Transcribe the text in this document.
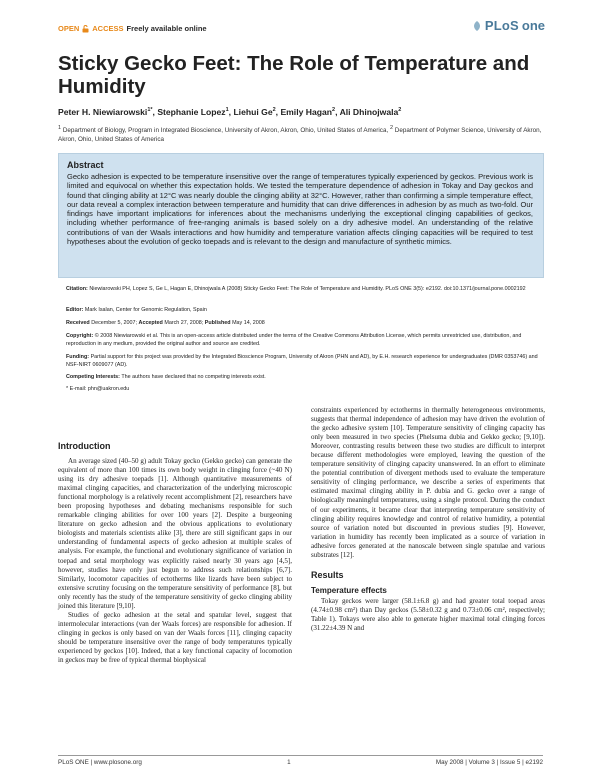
OPEN ACCESS Freely available online	PLoS one
Sticky Gecko Feet: The Role of Temperature and Humidity
Peter H. Niewiarowski$^{1*}$, Stephanie Lopez$^1$, Liehui Ge$^2$, Emily Hagan$^2$, Ali Dhinojwala$^2$
$^1$ Department of Biology, Program in Integrated Bioscience, University of Akron, Akron, Ohio, United States of America, $^2$ Department of Polymer Science, University of Akron, Akron, Ohio, United States of America
Abstract
Gecko adhesion is expected to be temperature insensitive over the range of temperatures typically experienced by geckos. Previous work is limited and equivocal on whether this expectation holds. We tested the temperature dependence of adhesion in Tokay and Day geckos and found that clinging ability at 12°C was nearly double the clinging ability at 32°C. However, rather than confirming a simple temperature effect, our data reveal a complex interaction between temperature and humidity that can drive differences in adhesion by as much as two-fold. Our findings have important implications for inferences about the mechanisms underlying the exceptional clinging capabilities of geckos, including whether performance of free-ranging animals is based solely on a dry adhesive model. An understanding of the relative contributions of van der Waals interactions and how humidity and temperature variation affects clinging capacities will be required to test hypotheses about the evolution of gecko toepads and is relevant to the design and manufacture of synthetic mimics.
Citation: Niewiarowski PH, Lopez S, Ge L, Hagan E, Dhinojwala A (2008) Sticky Gecko Feet: The Role of Temperature and Humidity. PLoS ONE 3(5): e2192. doi:10.1371/journal.pone.0002192
Editor: Mark Isalan, Center for Genomic Regulation, Spain
Received December 5, 2007; Accepted March 27, 2008; Published May 14, 2008
Copyright: © 2008 Niewiarowski et al. This is an open-access article distributed under the terms of the Creative Commons Attribution License, which permits unrestricted use, distribution, and reproduction in any medium, provided the original author and source are credited.
Funding: Partial support for this project was provided by the Integrated Bioscience Program, University of Akron (PHN and AD), by E.H. research experience for undergraduates (DMR 0353746) and NSF-NIRT 0609077 (AD).
Competing Interests: The authors have declared that no competing interests exist.
* E-mail: phn@uakron.edu
Introduction

An average sized (40–50 g) adult Tokay gecko (Gekko gecko) can generate the equivalent of more than 100 times its own body weight in clinging force (~40 N) using its dry adhesive toepads [1]. Although quantitative measurements of maximal clinging capacities, and characterization of the underlying microscopic functional morphology is a relatively recent accomplishment [2], researchers have been proposing hypotheses and debating mechanisms responsible for such remarkable clinging abilities for over 100 years [2]. Despite a burgeoning literature on gecko adhesion and the obvious applications to evolutionary biologists and materials scientists alike [3], there are still significant gaps in our understanding of fundamental aspects of gecko adhesion at multiple scales of analysis. For example, the functional and evolutionary significance of variation in toepad and setal morphology was explicitly raised nearly 30 years ago [4,5], however, studies have only just begun to address such relationships [6,7]. Similarly, locomotor capacities of ectotherms like lizards have been subject to extensive scrutiny focusing on the temperature sensitivity of performance [8], but only recently has the study of the temperature sensitivity of gecko clinging ability joined this literature [9,10].

Studies of gecko adhesion at the setal and spatular level, suggest that intermolecular interactions (van der Waals forces) are responsible for adhesion. If clinging in geckos is only based on van der Waals forces [11], clinging capacity should be temperature insensitive over the range of body temperatures typically experienced by geckos [10]. Indeed, that a key functional capacity of locomotion in geckos may be free of typical thermal biophysical

constraints experienced by ectotherms in thermally heterogeneous environments, suggests that thermal independence of adhesion may have driven the evolution of the gecko adhesive system [10]. Temperature sensitivity of clinging capacity has only been measured in two species (Phelsuma dubia and Gekko gecko; [9,10]). Moreover, contrasting results between these two studies are difficult to interpret because different methodologies were employed, leaving the question of the temperature sensitivity of clinging capacity unanswered. In an effort to eliminate the potential contribution of divergent methods used to evaluate the temperature sensitivity of clinging performance, we describe a series of experiments that estimated maximal clinging ability in P. dubia and G. gecko over a range of biologically meaningful temperatures, using a single protocol. During the conduct of our experiments, it became clear that interpreting temperature sensitivity of clinging ability requires knowledge and control of relative humidity, a potential source of variation noted but discounted in previous studies [9]. However, variation in humidity has recently been implicated as a source of variation in adhesive forces generated at the nanoscale between single spatulae and various substrates [12].

Results
Temperature effects

Tokay geckos were larger (58.1±6.8 g) and had greater total toepad areas (4.74±0.98 cm²) than Day geckos (5.58±0.32 g and 0.73±0.06 cm², respectively; Table 1). Tokays were also able to generate higher maximal total clinging forces (31.22±4.39 N and

PLoS ONE | www.plosone.org	1	May 2008 | Volume 3 | Issue 5 | e2192
